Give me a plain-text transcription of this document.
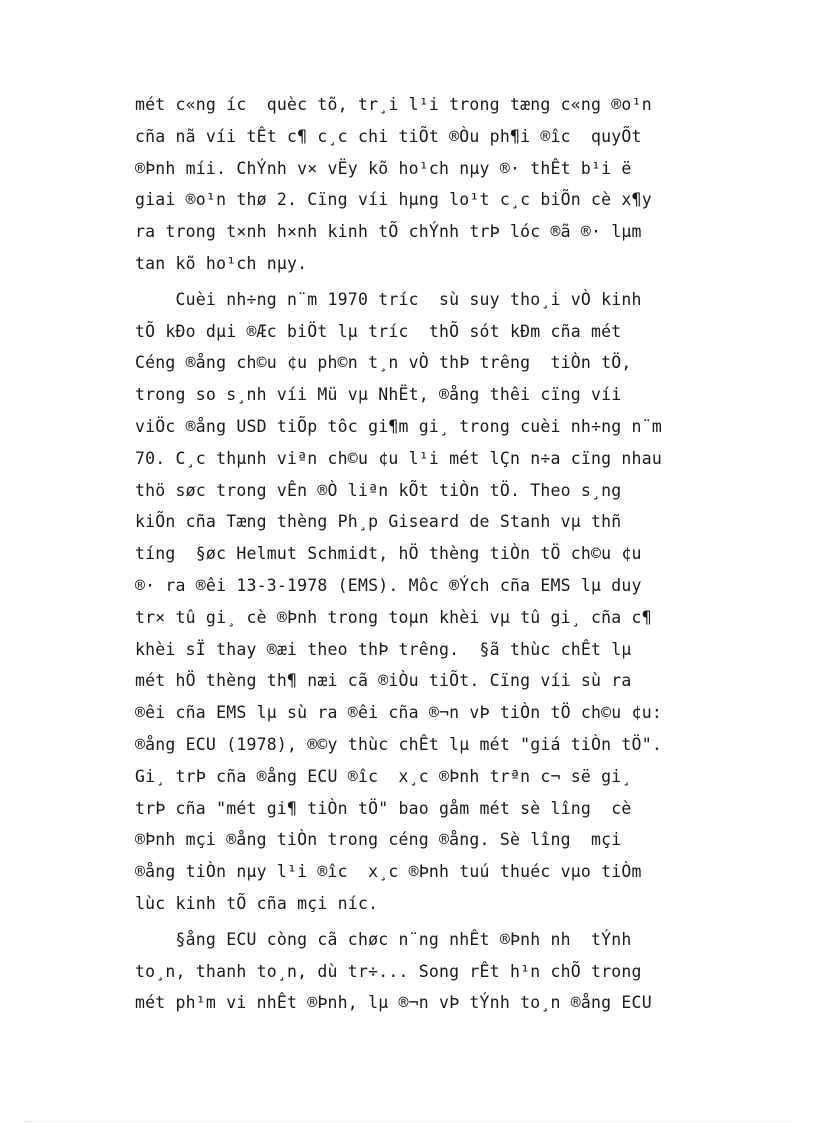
mét c«ng íc  quèc tõ, tr¸i l¹i trong tæng c«ng ®o¹n
cña nã víi tÊt c¶ c¸c chi tiÕt ®Òu ph¶i ®îc  quyÕt
®Þnh míi. ChÝnh v× vËy kõ ho¹ch nµy ®· thÊt b¹i ë
giai ®o¹n thø 2. Cïng víi hµng lo¹t c¸c biÕn cè x¶y
ra trong t×nh h×nh kinh tÕ chÝnh trÞ lóc ®ã ®· lµm
tan kõ ho¹ch nµy.
Cuèi nh÷ng n¨m 1970 tríc  sù suy tho¸i vÒ kinh
tÕ kÐo dµi ®Æc biÖt lµ tríc  thÕ sót kÐm cña mét
Céng ®ång ch©u ¢u ph©n t¸n vÒ thÞ trêng  tiÒn tÖ,
trong so s¸nh víi Mü vµ NhËt, ®ång thêi cïng víi
viÖc ®ång USD tiÕp tôc gi¶m gi¸ trong cuèi nh÷ng n¨m
70. C¸c thµnh viªn ch©u ¢u l¹i mét lÇn n÷a cïng nhau
thö søc trong vÊn ®Ò liªn kÕt tiÒn tÖ. Theo s¸ng
kiÕn cña Tæng thèng Ph¸p Giseard de Stanh vµ thñ
tíng  §øc Helmut Schmidt, hÖ thèng tiÒn tÖ ch©u ¢u
®· ra ®êi 13-3-1978 (EMS). Môc ®Ých cña EMS lµ duy
tr× tû gi¸ cè ®Þnh trong toµn khèi vµ tû gi¸ cña c¶
khèi sÏ thay ®æi theo thÞ trêng.  §ã thùc chÊt lµ
mét hÖ thèng th¶ næi cã ®iÒu tiÕt. Cïng víi sù ra
®êi cña EMS lµ sù ra ®êi cña ®¬n vÞ tiÒn tÖ ch©u ¢u:
®ång ECU (1978), ®©y thùc chÊt lµ mét "giá tiÒn tÖ".
Gi¸ trÞ cña ®ång ECU ®îc  x¸c ®Þnh trªn c¬ së gi¸
trÞ cña "mét gi¶ tiÒn tÖ" bao gåm mét sè lîng  cè
®Þnh mçi ®ång tiÒn trong céng ®ång. Sè lîng  mçi
®ång tiÒn nµy l¹i ®îc  x¸c ®Þnh tuú thuéc vµo tiÒm
lùc kinh tÕ cña mçi níc.
§ång ECU còng cã chøc n¨ng nhÊt ®Þnh nh  tÝnh
to¸n, thanh to¸n, dù tr÷... Song rÊt h¹n chÕ trong
mét ph¹m vi nhÊt ®Þnh, lµ ®¬n vÞ tÝnh to¸n ®ång ECU
